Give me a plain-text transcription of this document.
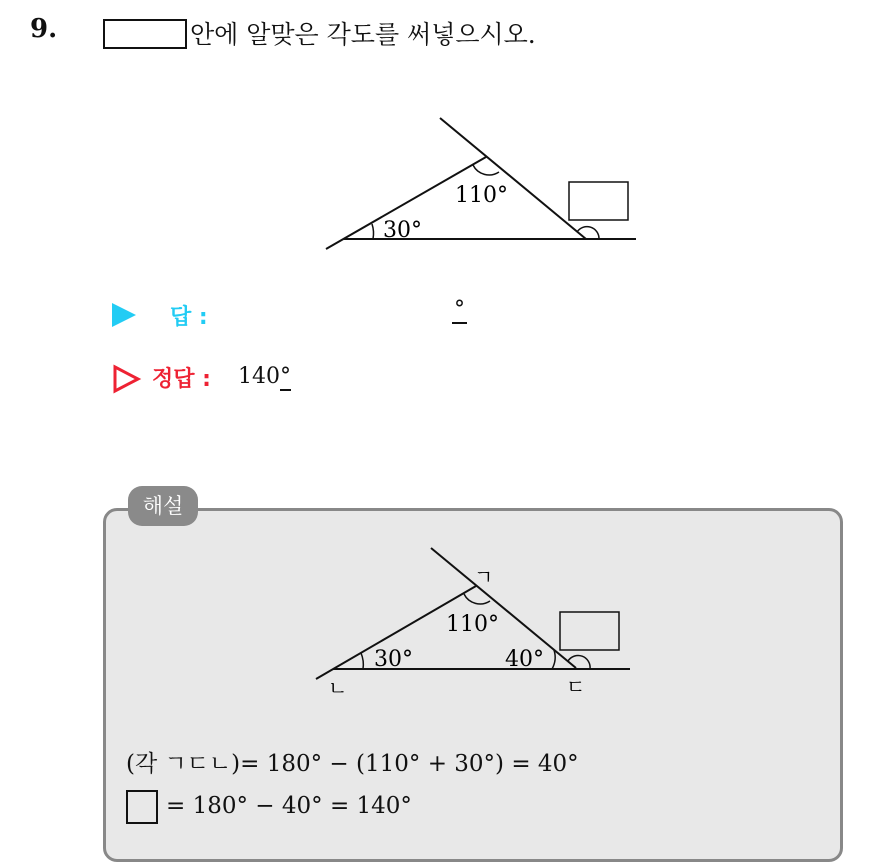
9.	안에 알맞은 각도를 써넣으시오.
110°
30°
답 :	°
정답 : 140°
해설
ㄱ
ㄴ	ㄷ
110°
30°	40°
(각 ㄱㄷㄴ)= 180° − (110° + 30°) = 40°
= 180° − 40° = 140°
